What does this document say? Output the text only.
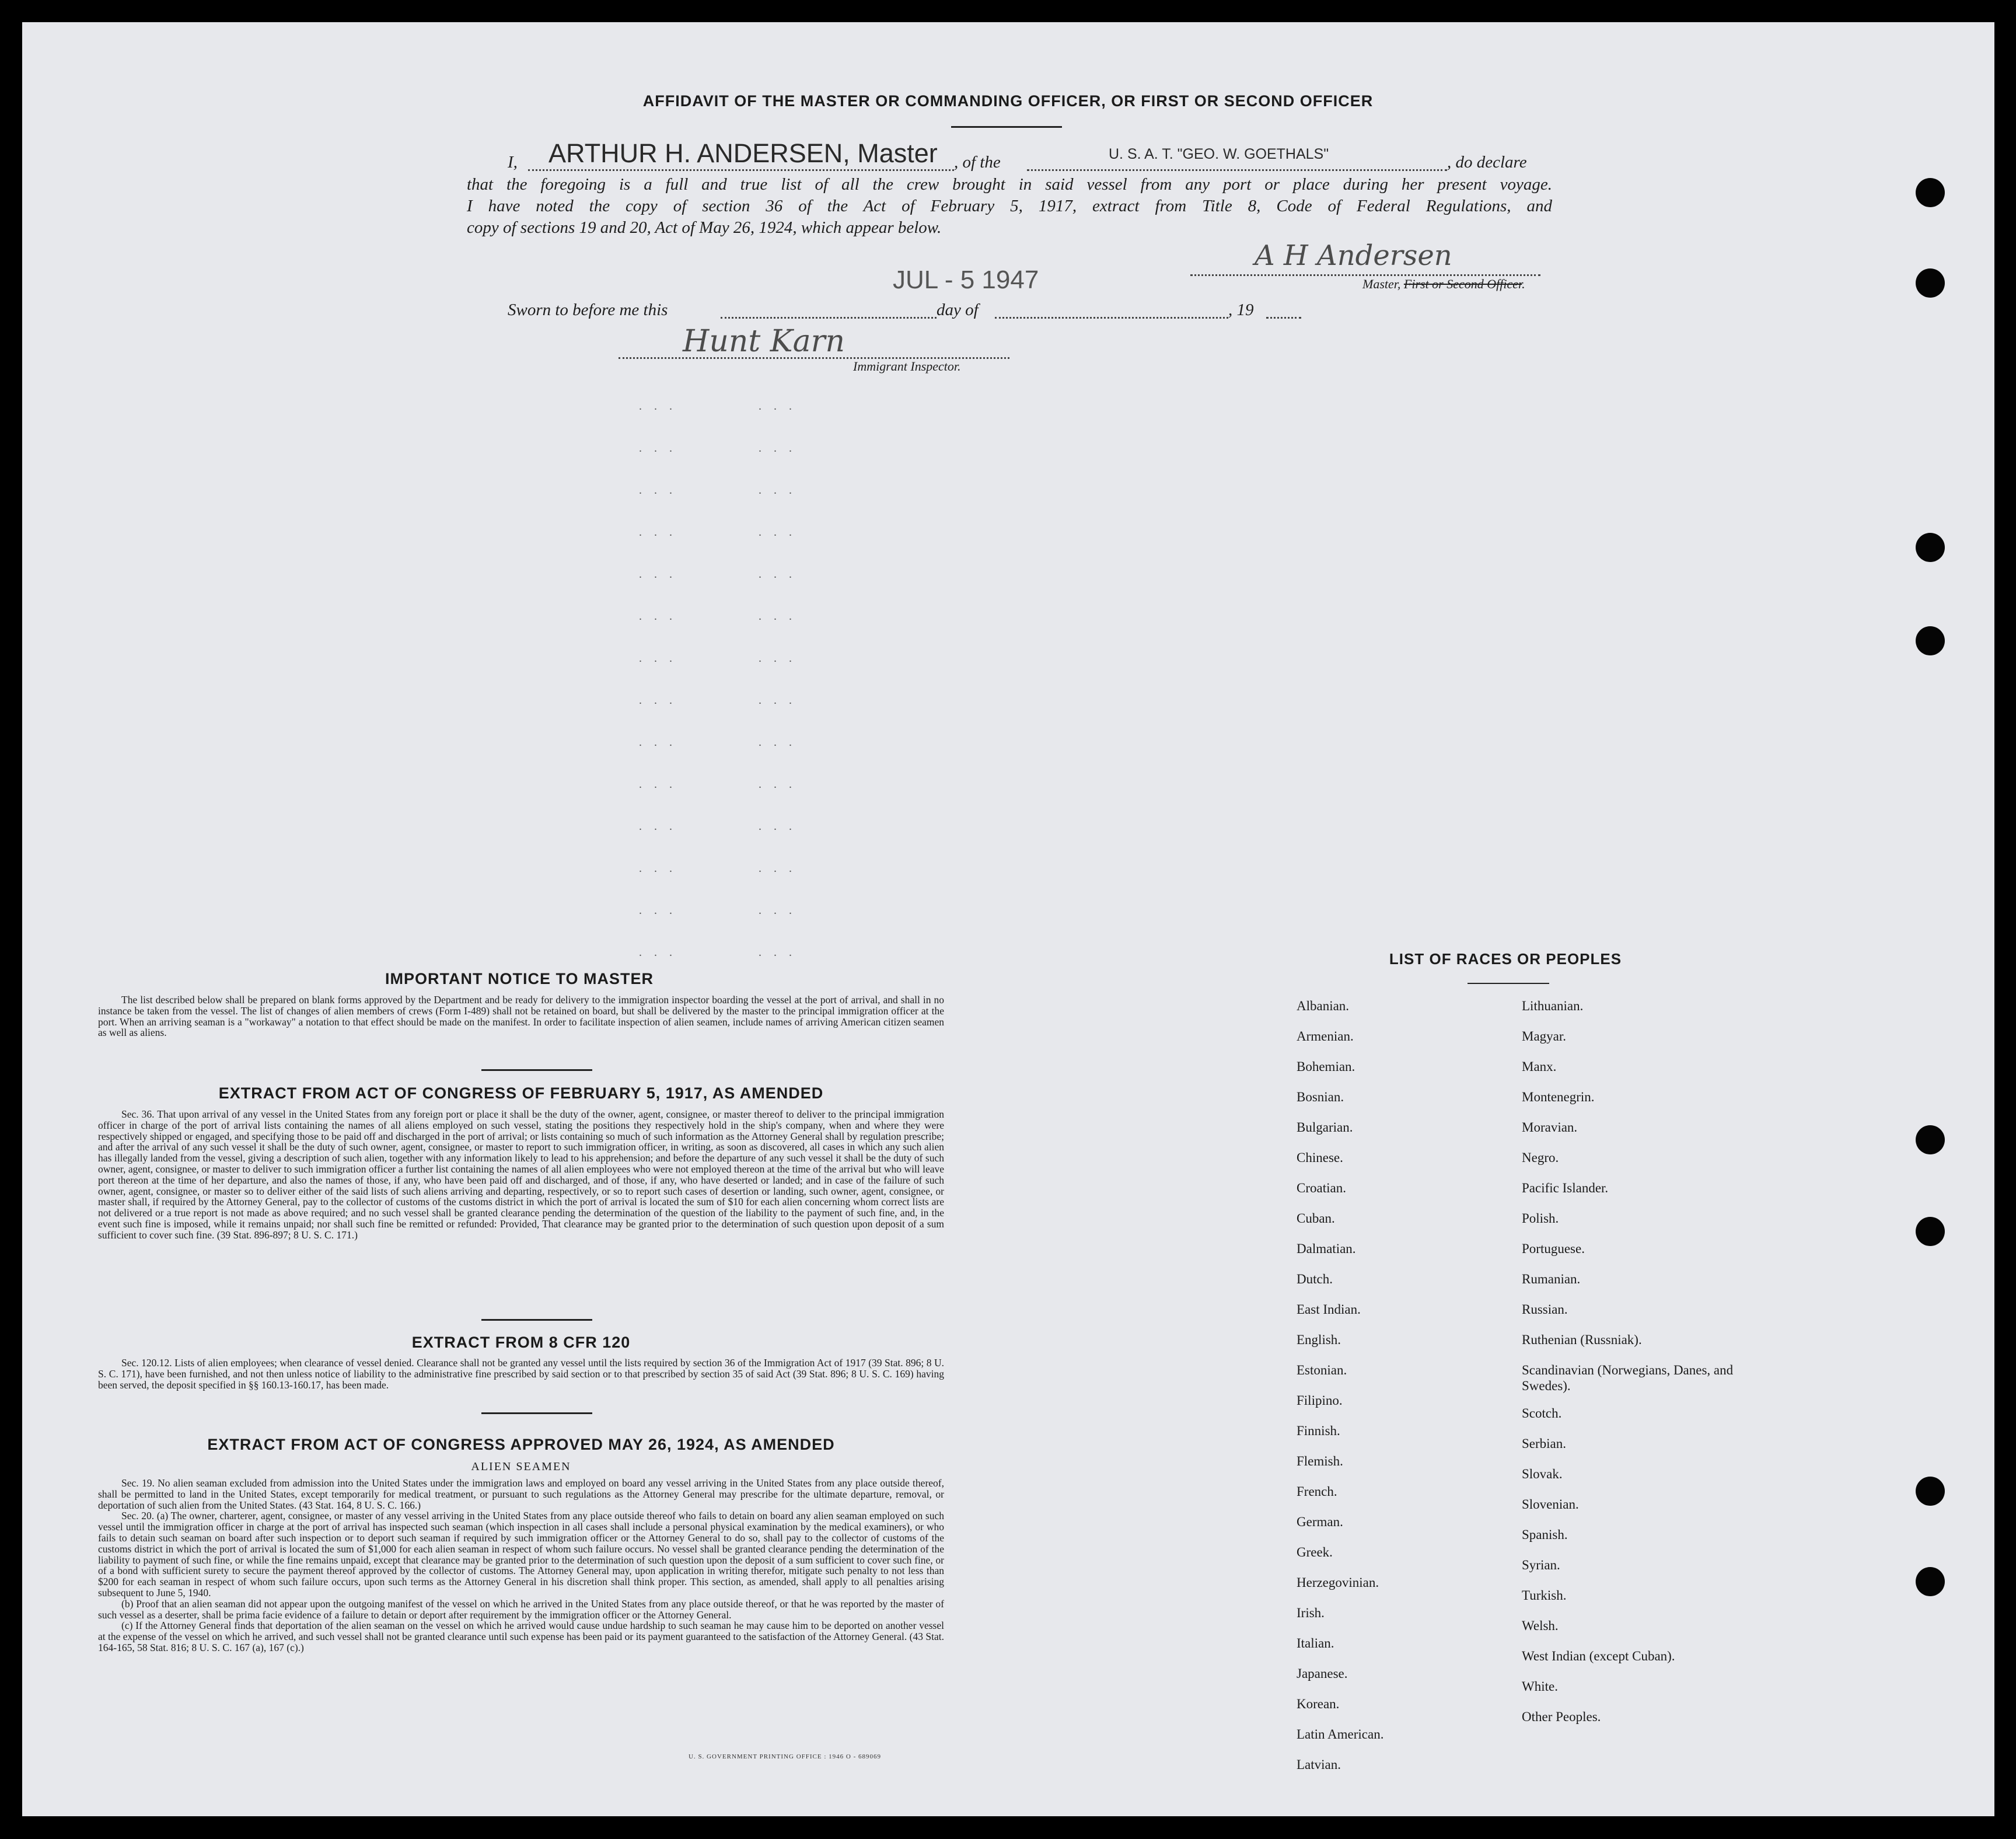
AFFIDAVIT OF THE MASTER OR COMMANDING OFFICER, OR FIRST OR SECOND OFFICER
I, ARTHUR H. ANDERSEN, Master , of the	U. S. A. T. "GEO. W. GOETHALS"	, do declare
that the foregoing is a full and true list of all the crew brought in said vessel from any port or place during her present voyage.
I have noted the copy of section 36 of the Act of February 5, 1917, extract from Title 8, Code of Federal Regulations, and
copy of sections 19 and 20, Act of May 26, 1924, which appear below.
A H Andersen
Master, First or Second Officer.
Sworn to before me this
JUL - 5 1947
day of	, 19
Hunt Karn
Immigrant Inspector.
. . .
. . .
. . .
. . .
. . .
. . .
. . .
. . .
. . .
. . .
. . .
. . .
. . .
. . .
. . .
. . .
. . .
. . .
. . .
. . .
. . .
. . .
. . .
. . .
. . .
. . .
. . .
. . .
IMPORTANT NOTICE TO MASTER

The list described below shall be prepared on blank forms approved by the Department and be ready for delivery to the immigration inspector boarding the vessel at the port of arrival, and shall in no instance be taken from the vessel. The list of changes of alien members of crews (Form I-489) shall not be retained on board, but shall be delivered by the master to the principal immigration officer at the port. When an arriving seaman is a "workaway" a notation to that effect should be made on the manifest. In order to facilitate inspection of alien seamen, include names of arriving American citizen seamen as well as aliens.

EXTRACT FROM ACT OF CONGRESS OF FEBRUARY 5, 1917, AS AMENDED

Sec. 36. That upon arrival of any vessel in the United States from any foreign port or place it shall be the duty of the owner, agent, consignee, or master thereof to deliver to the principal immigration officer in charge of the port of arrival lists containing the names of all aliens employed on such vessel, stating the positions they respectively hold in the ship's company, when and where they were respectively shipped or engaged, and specifying those to be paid off and discharged in the port of arrival; or lists containing so much of such information as the Attorney General shall by regulation prescribe; and after the arrival of any such vessel it shall be the duty of such owner, agent, consignee, or master to report to such immigration officer, in writing, as soon as discovered, all cases in which any such alien has illegally landed from the vessel, giving a description of such alien, together with any information likely to lead to his apprehension; and before the departure of any such vessel it shall be the duty of such owner, agent, consignee, or master to deliver to such immigration officer a further list containing the names of all alien employees who were not employed thereon at the time of the arrival but who will leave port thereon at the time of her departure, and also the names of those, if any, who have been paid off and discharged, and of those, if any, who have deserted or landed; and in case of the failure of such owner, agent, consignee, or master so to deliver either of the said lists of such aliens arriving and departing, respectively, or so to report such cases of desertion or landing, such owner, agent, consignee, or master shall, if required by the Attorney General, pay to the collector of customs of the customs district in which the port of arrival is located the sum of $10 for each alien concerning whom correct lists are not delivered or a true report is not made as above required; and no such vessel shall be granted clearance pending the determination of the question of the liability to the payment of such fine, and, in the event such fine is imposed, while it remains unpaid; nor shall such fine be remitted or refunded: Provided, That clearance may be granted prior to the determination of such question upon deposit of a sum sufficient to cover such fine. (39 Stat. 896-897; 8 U. S. C. 171.)

EXTRACT FROM 8 CFR 120

Sec. 120.12. Lists of alien employees; when clearance of vessel denied. Clearance shall not be granted any vessel until the lists required by section 36 of the Immigration Act of 1917 (39 Stat. 896; 8 U. S. C. 171), have been furnished, and not then unless notice of liability to the administrative fine prescribed by said section or to that prescribed by section 35 of said Act (39 Stat. 896; 8 U. S. C. 169) having been served, the deposit specified in §§ 160.13-160.17, has been made.

EXTRACT FROM ACT OF CONGRESS APPROVED MAY 26, 1924, AS AMENDED
ALIEN SEAMEN

Sec. 19. No alien seaman excluded from admission into the United States under the immigration laws and employed on board any vessel arriving in the United States from any place outside thereof, shall be permitted to land in the United States, except temporarily for medical treatment, or pursuant to such regulations as the Attorney General may prescribe for the ultimate departure, removal, or deportation of such alien from the United States. (43 Stat. 164, 8 U. S. C. 166.)

Sec. 20. (a) The owner, charterer, agent, consignee, or master of any vessel arriving in the United States from any place outside thereof who fails to detain on board any alien seaman employed on such vessel until the immigration officer in charge at the port of arrival has inspected such seaman (which inspection in all cases shall include a personal physical examination by the medical examiners), or who fails to detain such seaman on board after such inspection or to deport such seaman if required by such immigration officer or the Attorney General to do so, shall pay to the collector of customs of the customs district in which the port of arrival is located the sum of $1,000 for each alien seaman in respect of whom such failure occurs. No vessel shall be granted clearance pending the determination of the liability to payment of such fine, or while the fine remains unpaid, except that clearance may be granted prior to the determination of such question upon the deposit of a sum sufficient to cover such fine, or of a bond with sufficient surety to secure the payment thereof approved by the collector of customs. The Attorney General may, upon application in writing therefor, mitigate such penalty to not less than $200 for each seaman in respect of whom such failure occurs, upon such terms as the Attorney General in his discretion shall think proper. This section, as amended, shall apply to all penalties arising subsequent to June 5, 1940.

(b) Proof that an alien seaman did not appear upon the outgoing manifest of the vessel on which he arrived in the United States from any place outside thereof, or that he was reported by the master of such vessel as a deserter, shall be prima facie evidence of a failure to detain or deport after requirement by the immigration officer or the Attorney General.

(c) If the Attorney General finds that deportation of the alien seaman on the vessel on which he arrived would cause undue hardship to such seaman he may cause him to be deported on another vessel at the expense of the vessel on which he arrived, and such vessel shall not be granted clearance until such expense has been paid or its payment guaranteed to the satisfaction of the Attorney General. (43 Stat. 164-165, 58 Stat. 816; 8 U. S. C. 167 (a), 167 (c).)

U. S. GOVERNMENT PRINTING OFFICE : 1946 O - 689069
LIST OF RACES OR PEOPLES
Albanian.
Armenian.
Bohemian.
Bosnian.
Bulgarian.
Chinese.
Croatian.
Cuban.
Dalmatian.
Dutch.
East Indian.
English.
Estonian.
Filipino.
Finnish.
Flemish.
French.
German.
Greek.
Herzegovinian.
Irish.
Italian.
Japanese.
Korean.
Latin American.
Latvian.
Lithuanian.
Magyar.
Manx.
Montenegrin.
Moravian.
Negro.
Pacific Islander.
Polish.
Portuguese.
Rumanian.
Russian.
Ruthenian (Russniak).
Scandinavian (Norwegians, Danes, and Swedes).
Scotch.
Serbian.
Slovak.
Slovenian.
Spanish.
Syrian.
Turkish.
Welsh.
West Indian (except Cuban).
White.
Other Peoples.
